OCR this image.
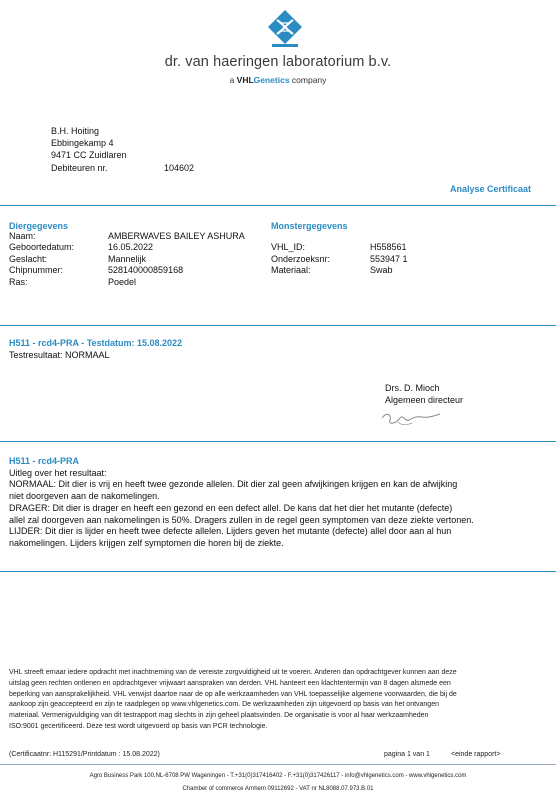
dr. van haeringen laboratorium b.v.
a VHLGenetics company
B.H. Hoiting
Ebbingekamp 4
9471 CC Zuidlaren
Debiteuren nr.	104602
Analyse Certificaat
Diergegevens
Naam:	AMBERWAVES BAILEY ASHURA
Geboortedatum:	16.05.2022
Geslacht:	Mannelijk
Chipnummer:	528140000859168
Ras:	Poedel
Monstergegevens
VHL_ID:	H558561
Onderzoeksnr:	553947 1
Materiaal:	Swab
H511 - rcd4-PRA - Testdatum: 15.08.2022
Testresultaat: NORMAAL
Drs. D. Mioch
Algemeen directeur

H511 - rcd4-PRA

Uitleg over het resultaat:

NORMAAL: Dit dier is vrij en heeft twee gezonde allelen. Dit dier zal geen afwijkingen krijgen en kan de afwijking

niet doorgeven aan de nakomelingen.

DRAGER: Dit dier is drager en heeft een gezond en een defect allel. De kans dat het dier het mutante (defecte)

allel zal doorgeven aan nakomelingen is 50%. Dragers zullen in de regel geen symptomen van deze ziekte vertonen.

LIJDER: Dit dier is lijder en heeft twee defecte allelen. Lijders geven het mutante (defecte) allel door aan al hun

nakomelingen. Lijders krijgen zelf symptomen die horen bij de ziekte.

VHL streeft ernaar iedere opdracht met inachtneming van de vereiste zorgvuldigheid uit te voeren. Anderen dan opdrachtgever kunnen aan deze
uitslag geen rechten ontlenen en opdrachtgever vrijwaart aanspraken van derden. VHL hanteert een klachtentermijn van 8 dagen alsmede een
beperking van aansprakelijkheid. VHL verwijst daartoe naar de op alle werkzaamheden van VHL toepasselijke algemene voorwaarden, die bij de
aankoop zijn geaccepteerd en zijn te raadplegen op www.vhlgenetics.com. De werkzaamheden zijn uitgevoerd op basis van het ontvangen
materiaal. Vermenigvuldiging van dit testrapport mag slechts in zijn geheel plaatsvinden. De organisatie is voor al haar werkzaamheden
ISO:9001 gecertificeerd. Deze test wordt uitgevoerd op basis van PCR technologie.
(Certificaatnr: H115291/Printdatum : 15.08.2022)	pagina 1 van 1	<einde rapport>
Agro Business Park 100,NL-6708 PW Wageningen - T.+31(0)317416402 - F.+31(0)317426117 - info@vhlgenetics.com - www.vhlgenetics.com
Chamber of commerce Arnhem 09112692 - VAT nr NL8088.07.973.B.01
